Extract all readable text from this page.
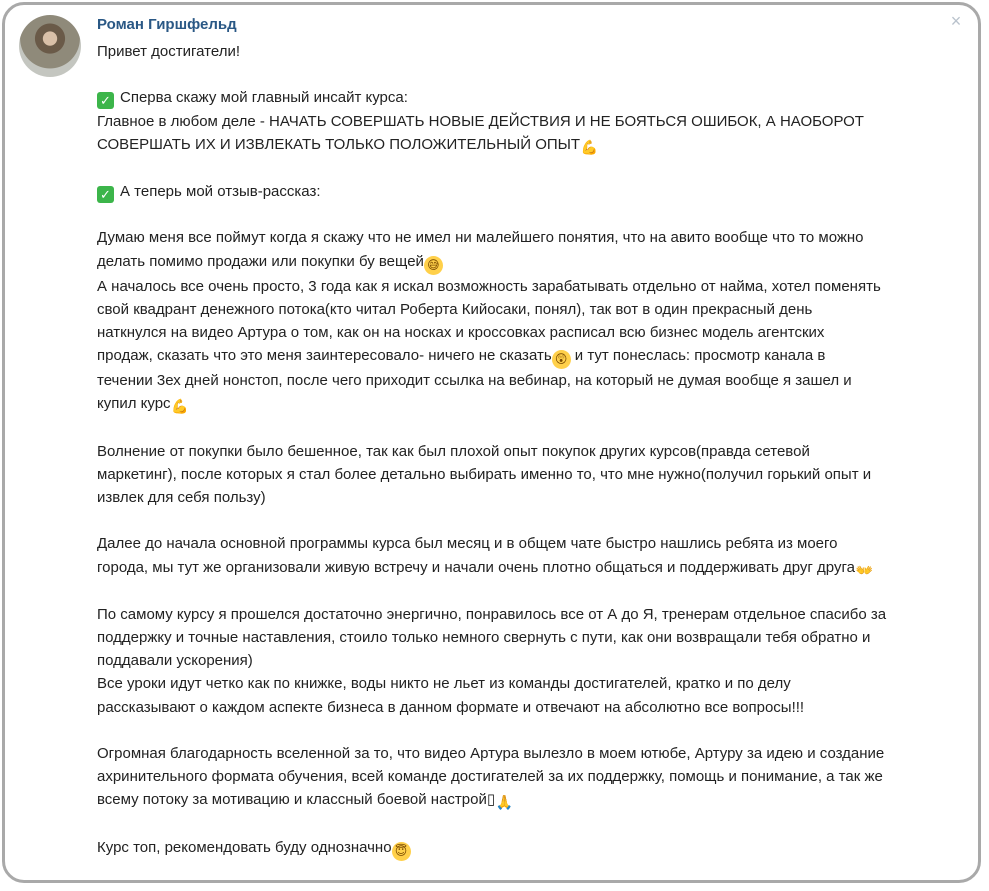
Роман Гиршфельд	×

Привет достигатели!

✓ Сперва скажу мой главный инсайт курса:

Главное в любом деле - НАЧАТЬ СОВЕРШАТЬ НОВЫЕ ДЕЙСТВИЯ И НЕ БОЯТЬСЯ ОШИБОК, А НАОБОРОТ
СОВЕРШАТЬ ИХ И ИЗВЛЕКАТЬ ТОЛЬКО ПОЛОЖИТЕЛЬНЫЙ ОПЫТ💪

✓ А теперь мой отзыв-рассказ:

Думаю меня все поймут когда я скажу что не имел ни малейшего понятия, что на авито вообще что то можно
делать помимо продажи или покупки бу вещей 😅

А началось все очень просто, 3 года как я искал возможность зарабатывать отдельно от найма, хотел поменять
свой квадрант денежного потока(кто читал Роберта Кийосаки, понял), так вот в один прекрасный день
наткнулся на видео Артура о том, как он на носках и кроссовках расписал всю бизнес модель агентских
продаж, сказать что это меня заинтересовало- ничего не сказать 😲 и тут понеслась: просмотр канала в
течении 3ех дней нонстоп, после чего приходит ссылка на вебинар, на который не думая вообще я зашел и
купил курс💪

Волнение от покупки было бешенное, так как был плохой опыт покупок других курсов(правда сетевой
маркетинг), после которых я стал более детально выбирать именно то, что мне нужно(получил горький опыт и
извлек для себя пользу)

Далее до начала основной программы курса был месяц и в общем чате быстро нашлись ребята из моего
города, мы тут же организовали живую встречу и начали очень плотно общаться и поддерживать друг друга👐

По самому курсу я прошелся достаточно энергично, понравилось все от А до Я, тренерам отдельное спасибо за
поддержку и точные наставления, стоило только немного свернуть с пути, как они возвращали тебя обратно и
поддавали ускорения)
Все уроки идут четко как по книжке, воды никто не льет из команды достигателей, кратко и по делу
рассказывают о каждом аспекте бизнеса в данном формате и отвечают на абсолютно все вопросы!!!

Огромная благодарность вселенной за то, что видео Артура вылезло в моем ютюбе, Артуру за идею и создание
ахринительного формата обучения, всей команде достигателей за их поддержку, помощь и понимание, а так же
всему потоку за мотивацию и классный боевой настрой▯🙏

Курс топ, рекомендовать буду однозначно 😇
